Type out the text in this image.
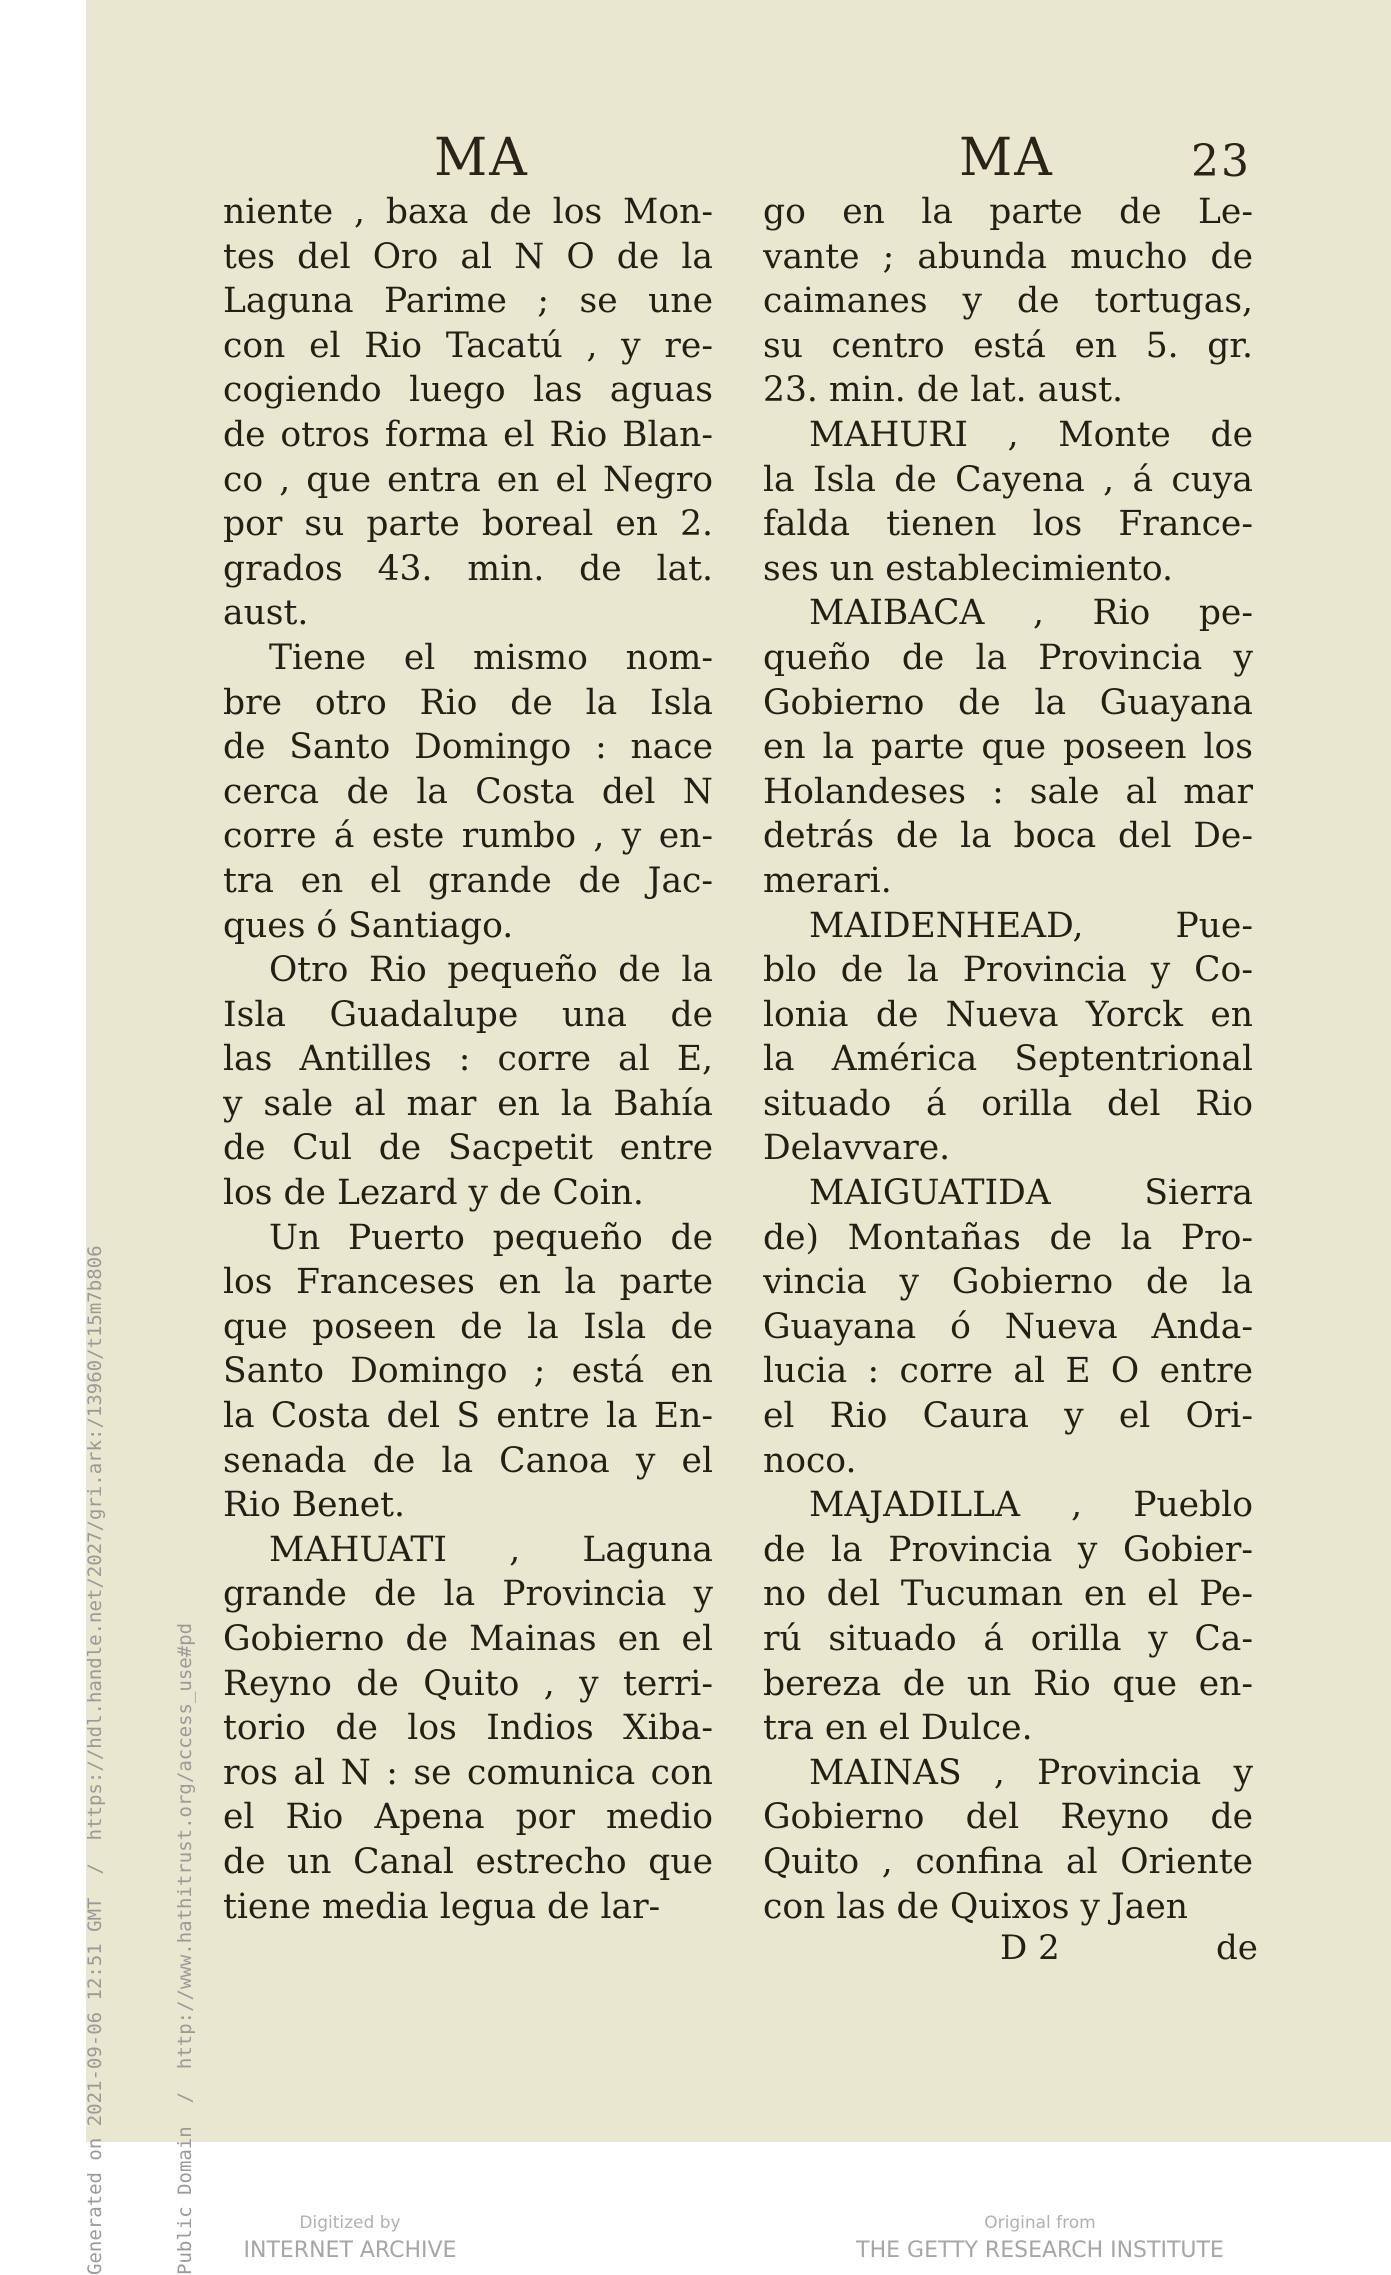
MA	MA	23
niente , baxa de los Mon-
tes del Oro al N O de la
Laguna Parime ; se une
con el Rio Tacatú , y re-
cogiendo luego las aguas
de otros forma el Rio Blan-
co , que entra en el Negro
por su parte boreal en 2.
grados 43. min. de lat.
aust.
Tiene el mismo nom-
bre otro Rio de la Isla
de Santo Domingo : nace
cerca de la Costa del N
corre á este rumbo , y en-
tra en el grande de Jac-
ques ó Santiago.
Otro Rio pequeño de la
Isla Guadalupe una de
las Antilles : corre al E,
y sale al mar en la Bahía
de Cul de Sacpetit entre
los de Lezard y de Coin.
Un Puerto pequeño de
los Franceses en la parte
que poseen de la Isla de
Santo Domingo ; está en
la Costa del S entre la En-
senada de la Canoa y el
Rio Benet.
MAHUATI , Laguna
grande de la Provincia y
Gobierno de Mainas en el
Reyno de Quito , y terri-
torio de los Indios Xiba-
ros al N : se comunica con
el Rio Apena por medio
de un Canal estrecho que
tiene media legua de lar-
go en la parte de Le-
vante ; abunda mucho de
caimanes y de tortugas,
su centro está en 5. gr.
23. min. de lat. aust.
MAHURI , Monte de
la Isla de Cayena , á cuya
falda tienen los France-
ses un establecimiento.
MAIBACA , Rio pe-
queño de la Provincia y
Gobierno de la Guayana
en la parte que poseen los
Holandeses : sale al mar
detrás de la boca del De-
merari.
MAIDENHEAD, Pue-
blo de la Provincia y Co-
lonia de Nueva Yorck en
la América Septentrional
situado á orilla del Rio
Delavvare.
MAIGUATIDA Sierra
de) Montañas de la Pro-
vincia y Gobierno de la
Guayana ó Nueva Anda-
lucia : corre al E O entre
el Rio Caura y el Ori-
noco.
MAJADILLA , Pueblo
de la Provincia y Gobier-
no del Tucuman en el Pe-
rú situado á orilla y Ca-
bereza de un Rio que en-
tra en el Dulce.
MAINAS , Provincia y
Gobierno del Reyno de
Quito , confina al Oriente
con las de Quixos y Jaen
D 2	de

Generated on 2021-09-06 12:51 GMT  /  https://hdl.handle.net/2027/gri.ark:/13960/t15m7b806

	Public Domain  /  http://www.hathitrust.org/access_use#pd	Digitized by
INTERNET ARCHIVE
Original from
THE GETTY RESEARCH INSTITUTE
